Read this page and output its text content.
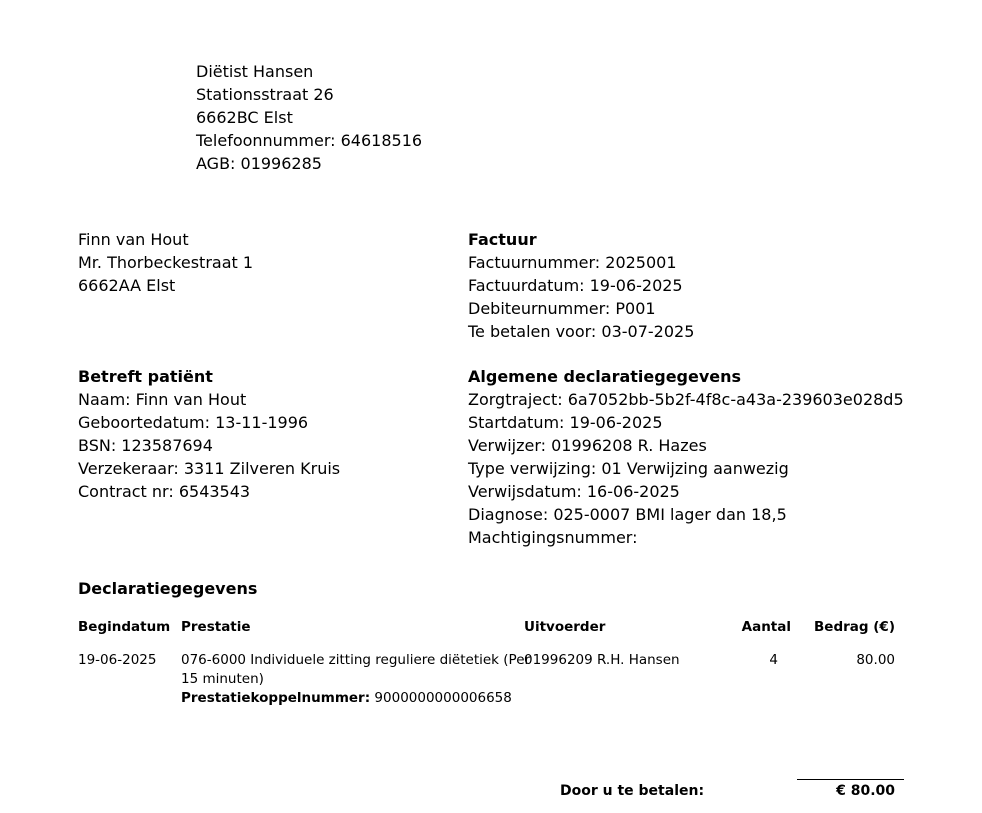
Diëtist Hansen
Stationsstraat 26
6662BC Elst
Telefoonnummer: 64618516
AGB: 01996285
Finn van Hout
Mr. Thorbeckestraat 1
6662AA Elst
Factuur
Factuurnummer: 2025001
Factuurdatum: 19-06-2025
Debiteurnummer: P001
Te betalen voor: 03-07-2025
Betreft patiënt
Naam: Finn van Hout
Geboortedatum: 13-11-1996
BSN: 123587694
Verzekeraar: 3311 Zilveren Kruis
Contract nr: 6543543
Algemene declaratiegegevens
Zorgtraject: 6a7052bb-5b2f-4f8c-a43a-239603e028d5
Startdatum: 19-06-2025
Verwijzer: 01996208 R. Hazes
Type verwijzing: 01 Verwijzing aanwezig
Verwijsdatum: 16-06-2025
Diagnose: 025-0007 BMI lager dan 18,5
Machtigingsnummer:
Declaratiegegevens
Begindatum Prestatie	Uitvoerder	Aantal Bedrag (€)
19-06-2025 076-6000 Individuele zitting reguliere diëtetiek (Per
15 minuten)
Prestatiekoppelnummer: 9000000000006658
01996209 R.H. Hansen	4	80.00
Door u te betalen:	€ 80.00
